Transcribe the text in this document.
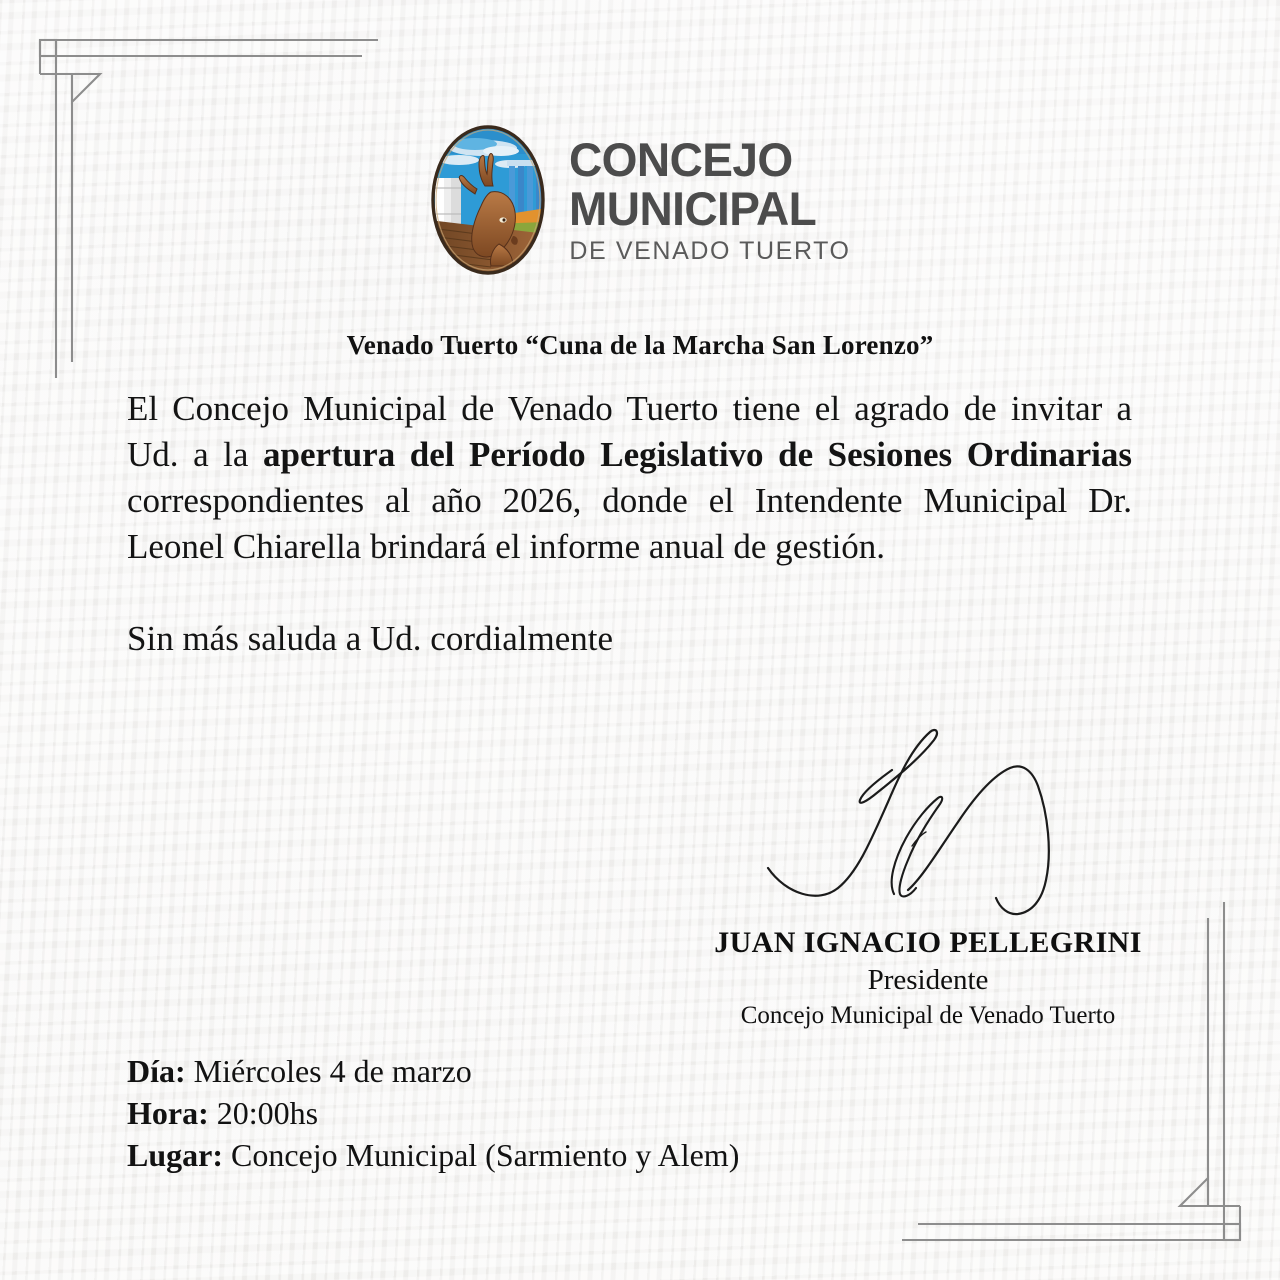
CONCEJO
MUNICIPAL
DE VENADO TUERTO
Venado Tuerto “Cuna de la Marcha San Lorenzo”

El Concejo Municipal de Venado Tuerto tiene el agrado de invitar a Ud. a la apertura del Período Legislativo de Sesiones Ordinarias correspondientes al año 2026, donde el Intendente Municipal Dr. Leonel Chiarella brindará el informe anual de gestión.

Sin más saluda a Ud. cordialmente

JUAN IGNACIO PELLEGRINI
Presidente
Concejo Municipal de Venado Tuerto
Día: Miércoles 4 de marzo
Hora: 20:00hs
Lugar: Concejo Municipal (Sarmiento y Alem)
